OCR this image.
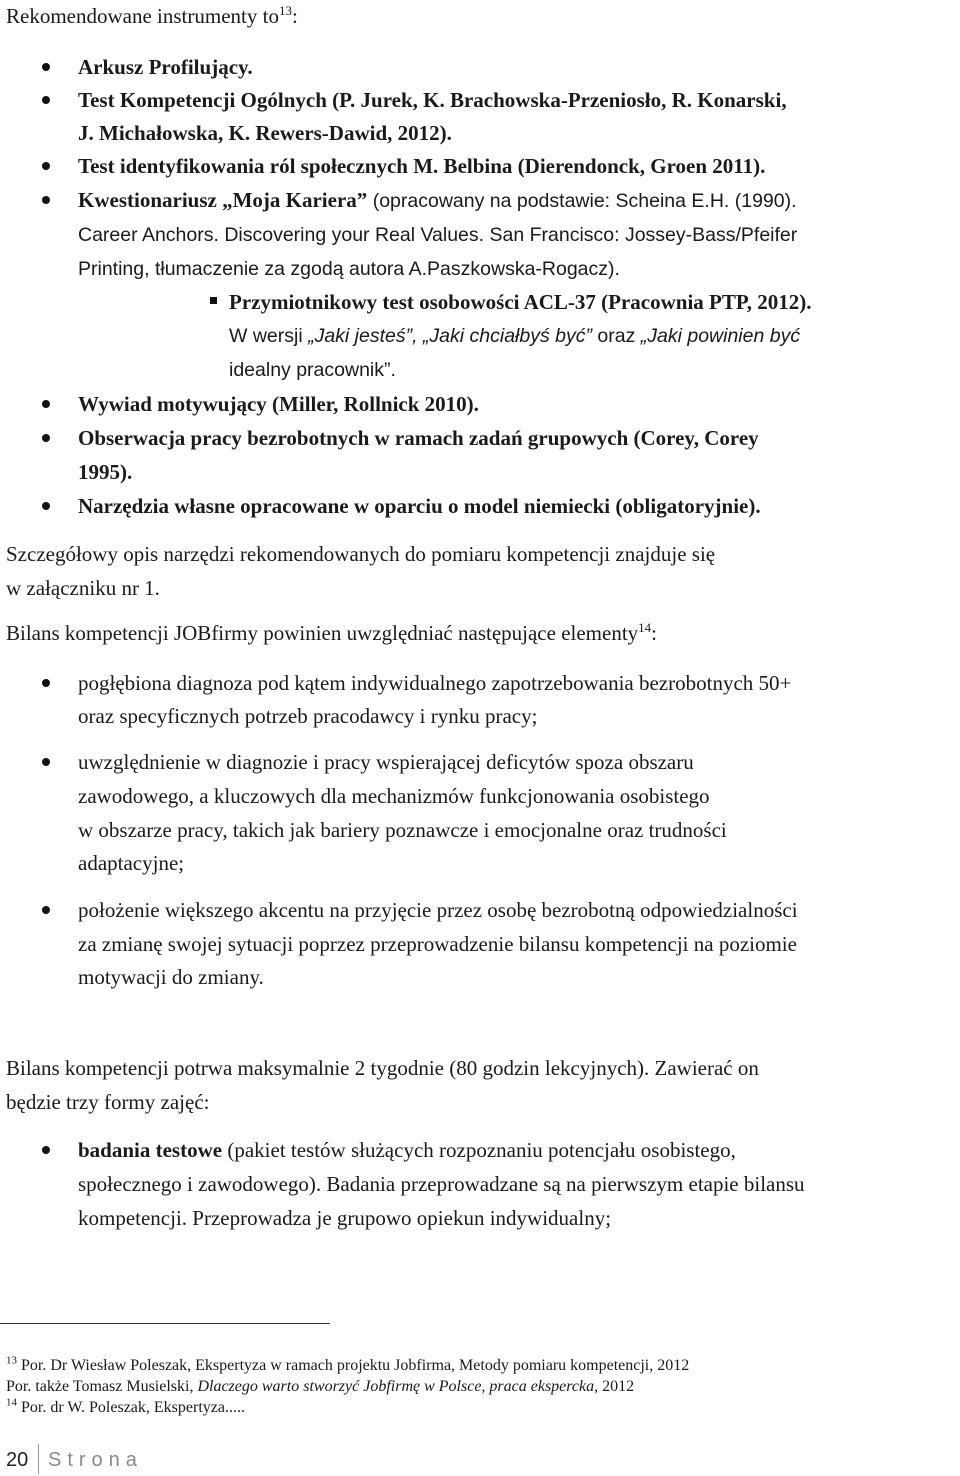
Rekomendowane instrumenty $to^{13}$:
Arkusz Profilujący.
Test Kompetencji Ogólnych (P. Jurek, K. Brachowska-Przeniosło, R. Konarski,
J. Michałowska, K. Rewers-Dawid, 2012).
Test identyfikowania ról społecznych M. Belbina (Dierendonck, Groen 2011).
Kwestionariusz „Moja Kariera” (opracowany na podstawie: Scheina E.H. (1990).
Career Anchors. Discovering your Real Values. San Francisco: Jossey-Bass/Pfeifer
Printing, tłumaczenie za zgodą autora A.Paszkowska-Rogacz).
Przymiotnikowy test osobowości ACL-37 (Pracownia PTP, 2012).
W wersji „Jaki jesteś”, „Jaki chciałbyś być” oraz „Jaki powinien być
idealny pracownik”.
Wywiad motywujący (Miller, Rollnick 2010).
Obserwacja pracy bezrobotnych w ramach zadań grupowych (Corey, Corey
1995).
Narzędzia własne opracowane w oparciu o model niemiecki (obligatoryjnie).
Szczegółowy opis narzędzi rekomendowanych do pomiaru kompetencji znajduje się
w załączniku nr 1.
Bilans kompetencji JOBfirmy powinien uwzględniać następujące elementy$^{14}$:
pogłębiona diagnoza pod kątem indywidualnego zapotrzebowania bezrobotnych 50+
oraz specyficznych potrzeb pracodawcy i rynku pracy;
uwzględnienie w diagnozie i pracy wspierającej deficytów spoza obszaru
zawodowego, a kluczowych dla mechanizmów funkcjonowania osobistego
w obszarze pracy, takich jak bariery poznawcze i emocjonalne oraz trudności
adaptacyjne;
położenie większego akcentu na przyjęcie przez osobę bezrobotną odpowiedzialności
za zmianę swojej sytuacji poprzez przeprowadzenie bilansu kompetencji na poziomie
motywacji do zmiany.
Bilans kompetencji potrwa maksymalnie 2 tygodnie (80 godzin lekcyjnych). Zawierać on
będzie trzy formy zajęć:
badania testowe (pakiet testów służących rozpoznaniu potencjału osobistego,
społecznego i zawodowego). Badania przeprowadzane są na pierwszym etapie bilansu
kompetencji. Przeprowadza je grupowo opiekun indywidualny;
$^{13}$ Por. Dr Wiesław Poleszak, Ekspertyza w ramach projektu Jobfirma, Metody pomiaru kompetencji, 2012
Por. także Tomasz Musielski, Dlaczego warto stworzyć Jobfirmę w Polsce, praca ekspercka, 2012
$^{14}$ Por. dr W. Poleszak, Ekspertyza.....
20 Strona
